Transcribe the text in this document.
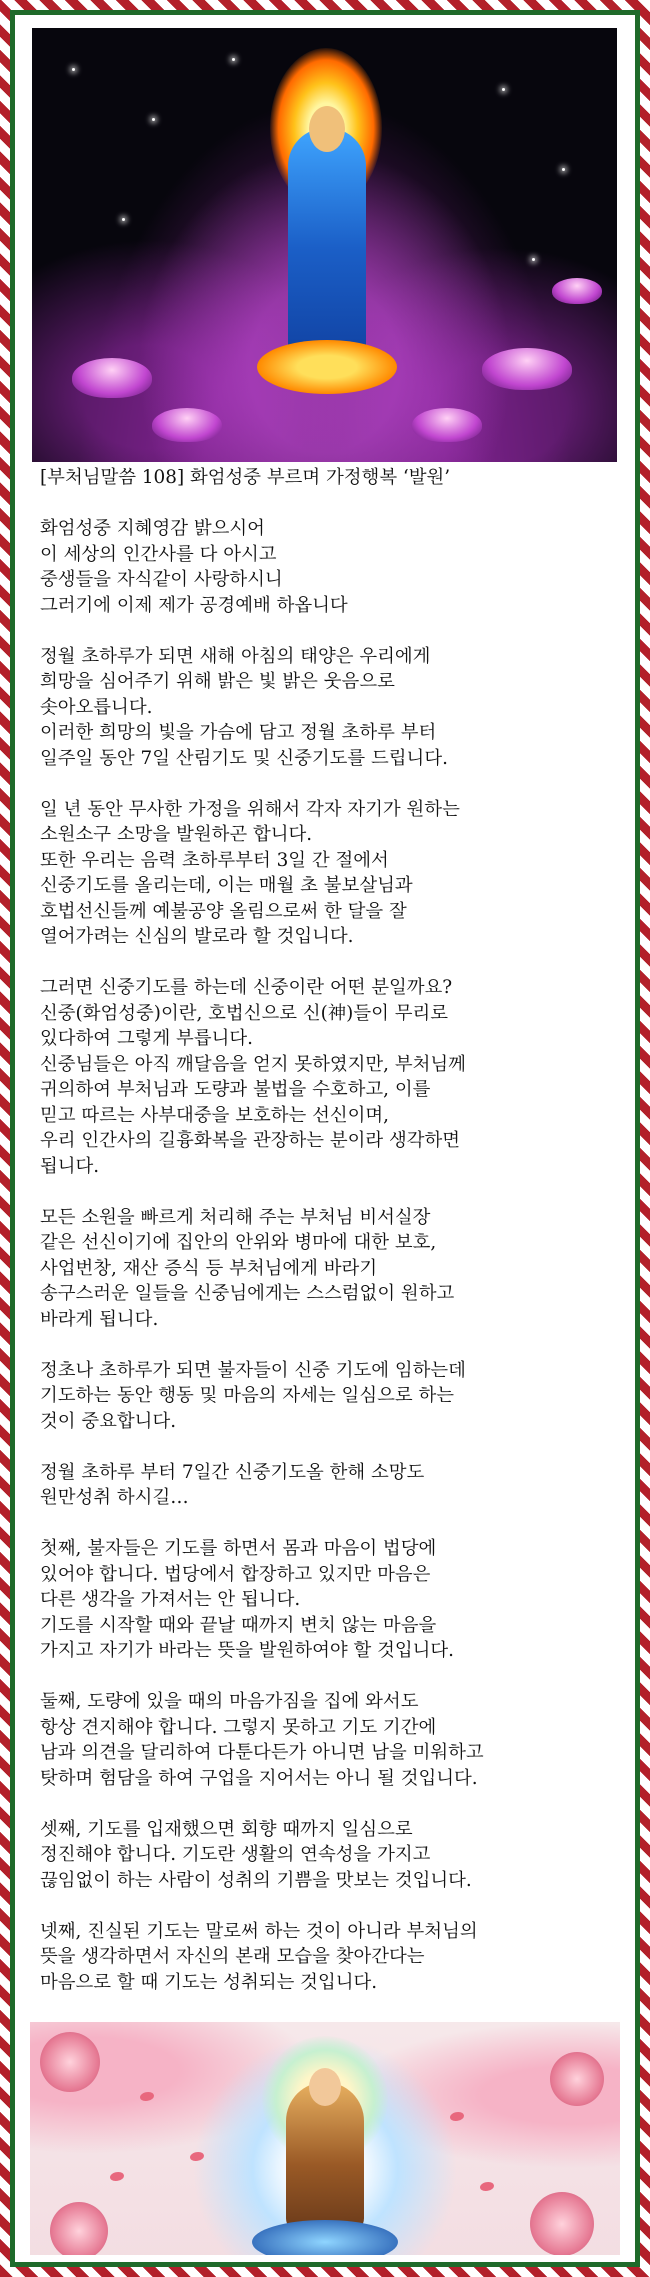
[부처님말씀 108] 화엄성중 부르며 가정행복 ‘발원’

화엄성중 지혜영감 밝으시어
이 세상의 인간사를 다 아시고
중생들을 자식같이 사랑하시니
그러기에 이제 제가 공경예배 하옵니다

정월 초하루가 되면 새해 아침의 태양은 우리에게
희망을 심어주기 위해 밝은 빛 밝은 웃음으로
솟아오릅니다.
이러한 희망의 빛을 가슴에 담고 정월 초하루 부터
일주일 동안 7일 산림기도 및 신중기도를 드립니다.

일 년 동안 무사한 가정을 위해서 각자 자기가 원하는
소원소구 소망을 발원하곤 합니다.
또한 우리는 음력 초하루부터 3일 간 절에서
신중기도를 올리는데, 이는 매월 초 불보살님과
호법선신들께 예불공양 올림으로써 한 달을 잘
열어가려는 신심의 발로라 할 것입니다.

그러면 신중기도를 하는데 신중이란 어떤 분일까요?
신중(화엄성중)이란, 호법신으로 신(神)들이 무리로
있다하여 그렇게 부릅니다.
신중님들은 아직 깨달음을 얻지 못하였지만, 부처님께
귀의하여 부처님과 도량과 불법을 수호하고, 이를
믿고 따르는 사부대중을 보호하는 선신이며,
우리 인간사의 길흉화복을 관장하는 분이라 생각하면
됩니다.

모든 소원을 빠르게 처리해 주는 부처님 비서실장
같은 선신이기에 집안의 안위와 병마에 대한 보호,
사업번창, 재산 증식 등 부처님에게 바라기
송구스러운 일들을 신중님에게는 스스럼없이 원하고
바라게 됩니다.

정초나 초하루가 되면 불자들이 신중 기도에 임하는데
기도하는 동안 행동 및 마음의 자세는 일심으로 하는
것이 중요합니다.

정월 초하루 부터 7일간 신중기도올 한해 소망도
원만성취 하시길…

첫째, 불자들은 기도를 하면서 몸과 마음이 법당에
있어야 합니다. 법당에서 합장하고 있지만 마음은
다른 생각을 가져서는 안 됩니다.
기도를 시작할 때와 끝날 때까지 변치 않는 마음을
가지고 자기가 바라는 뜻을 발원하여야 할 것입니다.

둘째, 도량에 있을 때의 마음가짐을 집에 와서도
항상 견지해야 합니다. 그렇지 못하고 기도 기간에
남과 의견을 달리하여 다툰다든가 아니면 남을 미워하고
탓하며 험담을 하여 구업을 지어서는 아니 될 것입니다.

셋째, 기도를 입재했으면 회향 때까지 일심으로
정진해야 합니다. 기도란 생활의 연속성을 가지고
끊임없이 하는 사람이 성취의 기쁨을 맛보는 것입니다.

넷째, 진실된 기도는 말로써 하는 것이 아니라 부처님의
뜻을 생각하면서 자신의 본래 모습을 찾아간다는
마음으로 할 때 기도는 성취되는 것입니다.
